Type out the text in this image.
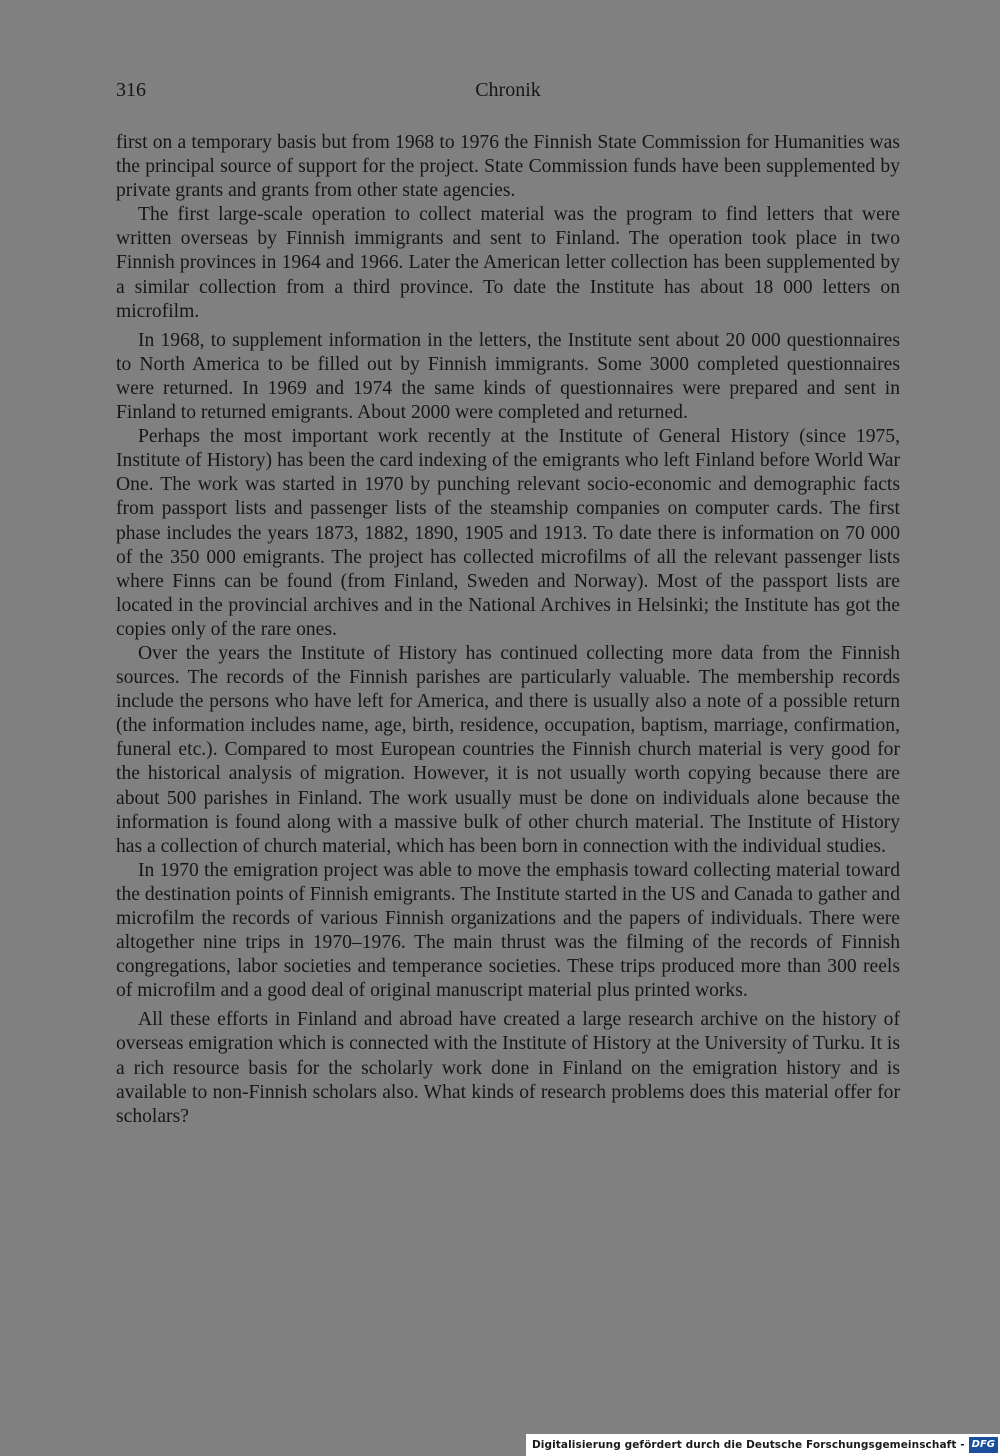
316	Chronik

first on a temporary basis but from 1968 to 1976 the Finnish State Commission for Humanities was the principal source of support for the project. State Commission funds have been supplemented by private grants and grants from other state agencies.

The first large-scale operation to collect material was the program to find letters that were written overseas by Finnish immigrants and sent to Finland. The operation took place in two Finnish provinces in 1964 and 1966. Later the American letter collection has been supplemented by a similar collection from a third province. To date the Institute has about 18 000 letters on microfilm.

In 1968, to supplement information in the letters, the Institute sent about 20 000 questionnaires to North America to be filled out by Finnish immigrants. Some 3000 completed questionnaires were returned. In 1969 and 1974 the same kinds of questionnaires were prepared and sent in Finland to returned emigrants. About 2000 were completed and returned.

Perhaps the most important work recently at the Institute of General History (since 1975, Institute of History) has been the card indexing of the emigrants who left Finland before World War One. The work was started in 1970 by punching relevant socio-economic and demographic facts from passport lists and passenger lists of the steamship companies on computer cards. The first phase includes the years 1873, 1882, 1890, 1905 and 1913. To date there is information on 70 000 of the 350 000 emigrants. The project has collected microfilms of all the relevant passenger lists where Finns can be found (from Finland, Sweden and Norway). Most of the passport lists are located in the provincial archives and in the National Archives in Helsinki; the Institute has got the copies only of the rare ones.

Over the years the Institute of History has continued collecting more data from the Finnish sources. The records of the Finnish parishes are particularly valuable. The membership records include the persons who have left for America, and there is usually also a note of a possible return (the information includes name, age, birth, residence, occupation, baptism, marriage, confirmation, funeral etc.). Compared to most European countries the Finnish church material is very good for the historical analysis of migration. However, it is not usually worth copying because there are about 500 parishes in Finland. The work usually must be done on individuals alone because the information is found along with a massive bulk of other church material. The Institute of History has a collection of church material, which has been born in connection with the individual studies.

In 1970 the emigration project was able to move the emphasis toward collecting material toward the destination points of Finnish emigrants. The Institute started in the US and Canada to gather and microfilm the records of various Finnish organizations and the papers of individuals. There were altogether nine trips in 1970–1976. The main thrust was the filming of the records of Finnish congregations, labor societies and temperance societies. These trips produced more than 300 reels of microfilm and a good deal of original manuscript material plus printed works.

All these efforts in Finland and abroad have created a large research archive on the history of overseas emigration which is connected with the Institute of History at the University of Turku. It is a rich resource basis for the scholarly work done in Finland on the emigration history and is available to non-Finnish scholars also. What kinds of research problems does this material offer for scholars?

Digitalisierung gefördert durch die Deutsche Forschungsgemeinschaft - DFG
